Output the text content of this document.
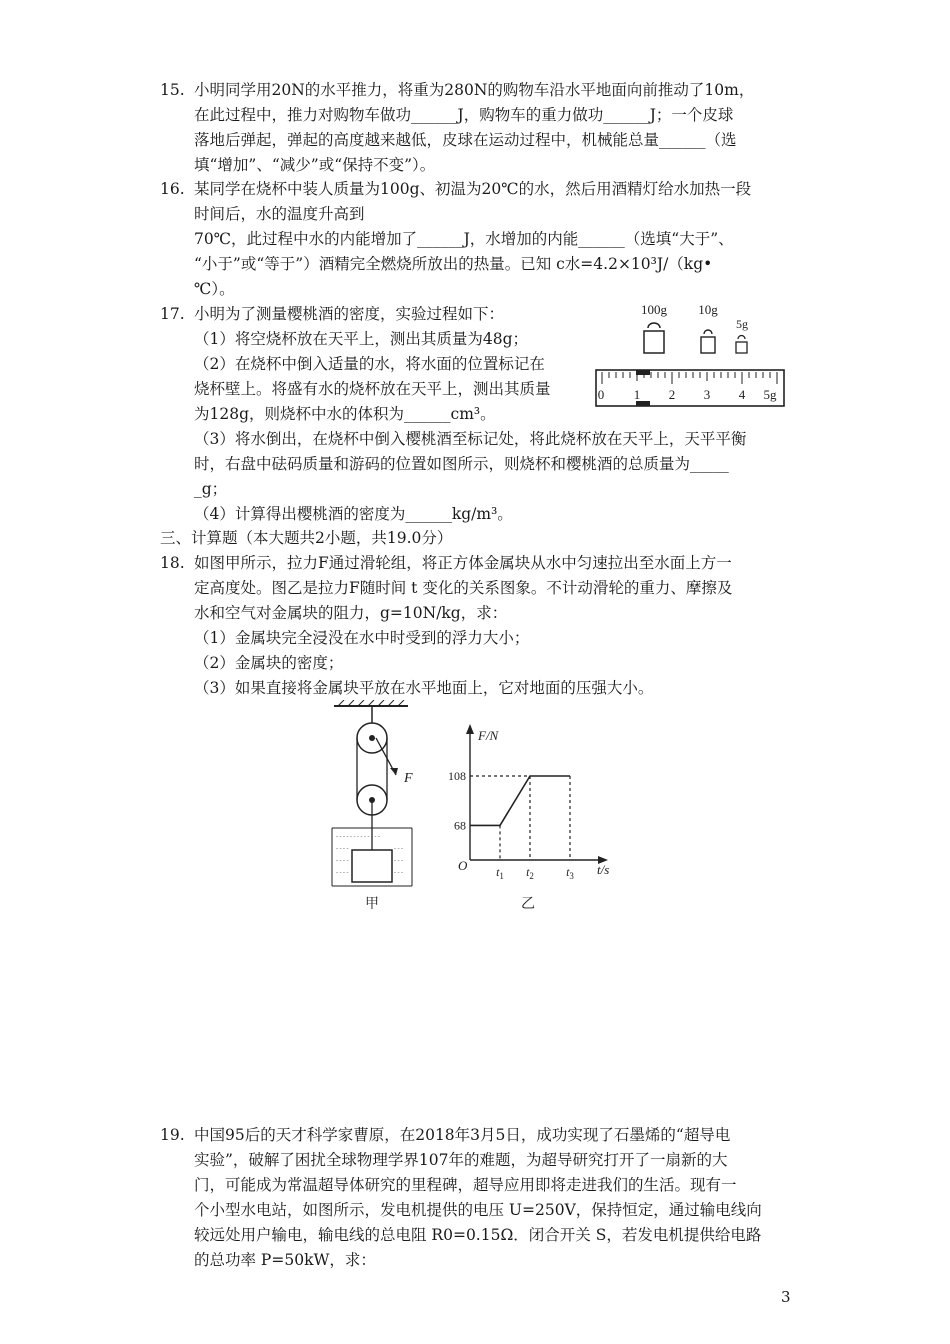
15. 小明同学用20N的水平推力，将重为280N的购物车沿水平地面向前推动了10m，
在此过程中，推力对购物车做功______J，购物车的重力做功______J；一个皮球
落地后弹起，弹起的高度越来越低，皮球在运动过程中，机械能总量______（选
填“增加”、“减少”或“保持不变”）。
16. 某同学在烧杯中装人质量为100g、初温为20℃的水，然后用酒精灯给水加热一段
时间后，水的温度升高到
70℃，此过程中水的内能增加了______J，水增加的内能______（选填“大于”、
“小于”或“等于”）酒精完全燃烧所放出的热量。已知 c水=4.2×10³J/（kg•
℃）。
17. 小明为了测量樱桃酒的密度，实验过程如下：
（1）将空烧杯放在天平上，测出其质量为48g；
（2）在烧杯中倒入适量的水，将水面的位置标记在
烧杯壁上。将盛有水的烧杯放在天平上，测出其质量
为128g，则烧杯中水的体积为______cm³。
（3）将水倒出，在烧杯中倒入樱桃酒至标记处，将此烧杯放在天平上，天平平衡
时，右盘中砝码质量和游码的位置如图所示，则烧杯和樱桃酒的总质量为_____
_g；
（4）计算得出樱桃酒的密度为______kg/m³。
100g 10g
5g
0 1 2 3 4 5g
三、计算题（本大题共2小题，共19.0分）
18. 如图甲所示，拉力F通过滑轮组，将正方体金属块从水中匀速拉出至水面上方一
定高度处。图乙是拉力F随时间 t 变化的关系图象。不计动滑轮的重力、摩擦及
水和空气对金属块的阻力，g=10N/kg，求：
（1）金属块完全浸没在水中时受到的浮力大小；
（2）金属块的密度；
（3）如果直接将金属块平放在水平地面上，它对地面的压强大小。
F
- - - - - - - - - - - - -
- - - -	- - -
- - - -	- - -
- - - -	- - -
甲
F/N
t/s
O
108
68
$t_1$ $t_2$	$t_3$
乙
19. 中国95后的天才科学家曹原，在2018年3月5日，成功实现了石墨烯的“超导电
实验”，破解了困扰全球物理学界107年的难题，为超导研究打开了一扇新的大
门，可能成为常温超导体研究的里程碑，超导应用即将走进我们的生活。现有一
个小型水电站，如图所示，发电机提供的电压 U=250V，保持恒定，通过输电线向
较远处用户输电，输电线的总电阻 R0=0.15Ω．闭合开关 S，若发电机提供给电路
的总功率 P=50kW，求：
3
